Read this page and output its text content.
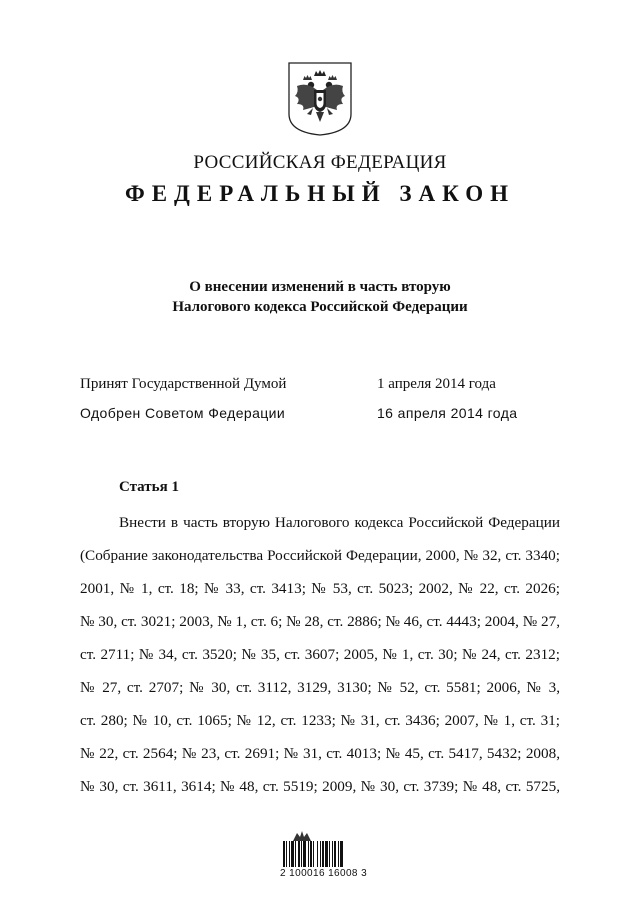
РОССИЙСКАЯ ФЕДЕРАЦИЯ
ФЕДЕРАЛЬНЫЙ ЗАКОН
О внесении изменений в часть вторую
Налогового кодекса Российской Федерации
Принят Государственной Думой	1 апреля 2014 года
Одобрен Советом Федерации	16 апреля 2014 года
Статья 1
Внести в часть вторую Налогового кодекса Российской Федерации
(Собрание законодательства Российской Федерации, 2000, № 32, ст. 3340;
2001, № 1, ст. 18; № 33, ст. 3413; № 53, ст. 5023; 2002, № 22, ст. 2026;
№ 30, ст. 3021; 2003, № 1, ст. 6; № 28, ст. 2886; № 46, ст. 4443; 2004, № 27,
ст. 2711; № 34, ст. 3520; № 35, ст. 3607; 2005, № 1, ст. 30; № 24, ст. 2312;
№ 27, ст. 2707; № 30, ст. 3112, 3129, 3130; № 52, ст. 5581; 2006, № 3,
ст. 280; № 10, ст. 1065; № 12, ст. 1233; № 31, ст. 3436; 2007, № 1, ст. 31;
№ 22, ст. 2564; № 23, ст. 2691; № 31, ст. 4013; № 45, ст. 5417, 5432; 2008,
№ 30, ст. 3611, 3614; № 48, ст. 5519; 2009, № 30, ст. 3739; № 48, ст. 5725,
2 100016 16008 3
